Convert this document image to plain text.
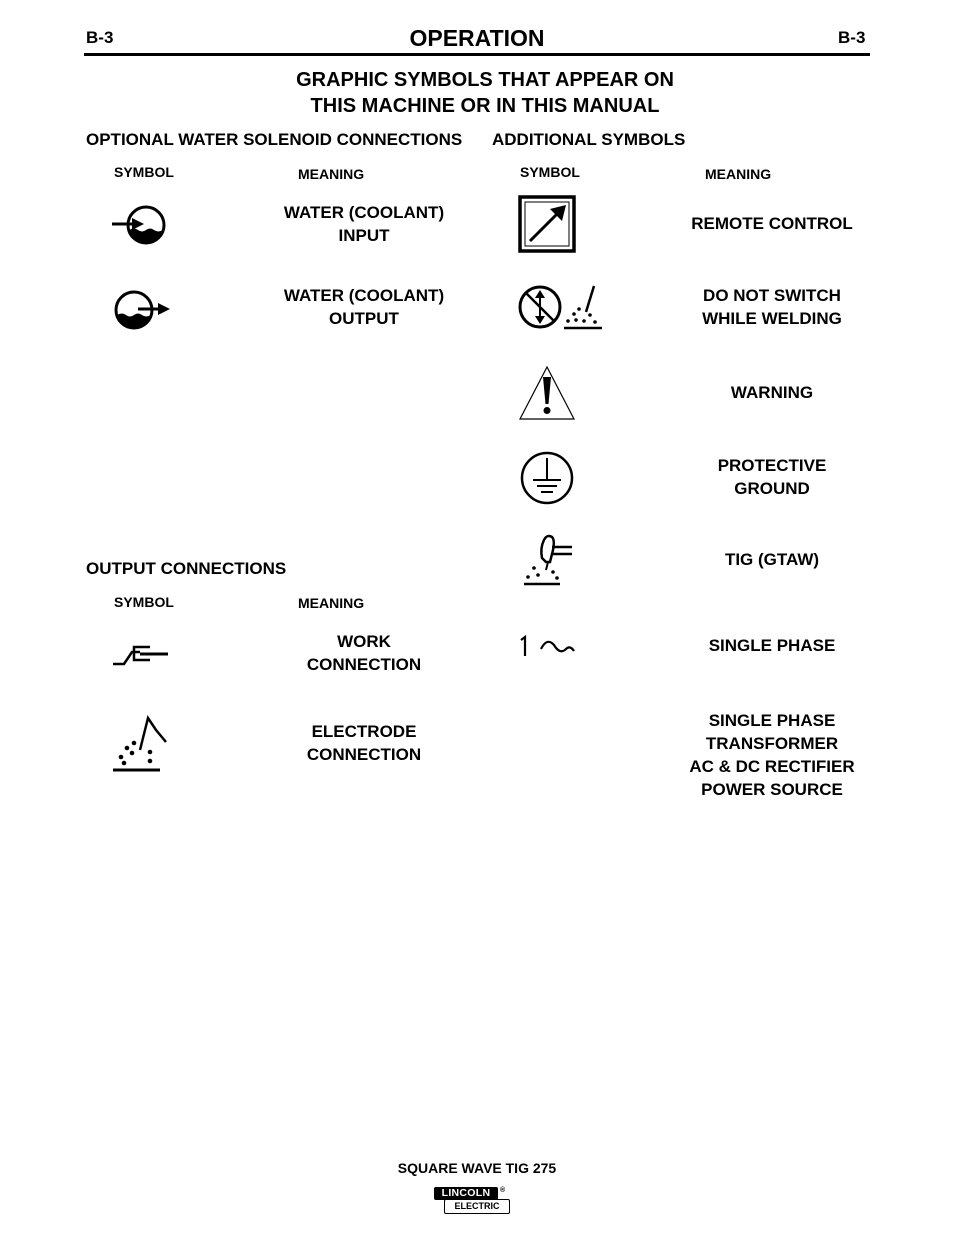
B-3	OPERATION	B-3
GRAPHIC SYMBOLS THAT APPEAR ON
THIS MACHINE OR IN THIS MANUAL
OPTIONAL WATER SOLENOID CONNECTIONS
SYMBOL	MEANING
WATER (COOLANT)
INPUT
WATER (COOLANT)
OUTPUT
OUTPUT CONNECTIONS
SYMBOL	MEANING
WORK
CONNECTION
ELECTRODE
CONNECTION
ADDITIONAL SYMBOLS
SYMBOL	MEANING
REMOTE CONTROL
DO NOT SWITCH
WHILE WELDING
WARNING
PROTECTIVE
GROUND
TIG (GTAW)
SINGLE PHASE
SINGLE PHASE
TRANSFORMER
AC & DC RECTIFIER
POWER SOURCE
SQUARE WAVE TIG 275
LINCOLN	®
ELECTRIC
